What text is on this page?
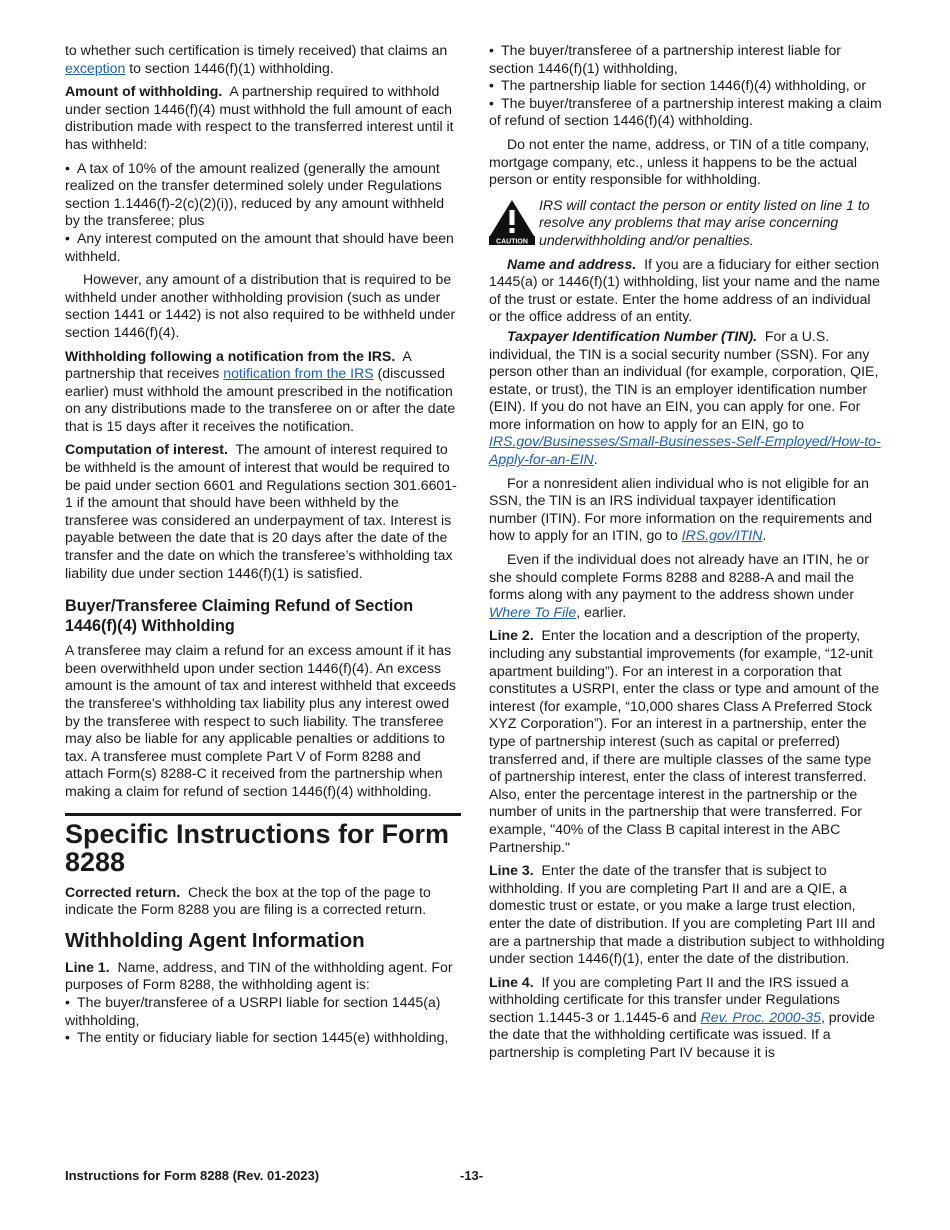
to whether such certification is timely received) that claims an exception to section 1446(f)(1) withholding.

Amount of withholding. A partnership required to withhold under section 1446(f)(4) must withhold the full amount of each distribution made with respect to the transferred interest until it has withheld:

• A tax of 10% of the amount realized (generally the amount realized on the transfer determined solely under Regulations section 1.1446(f)-2(c)(2)(i)), reduced by any amount withheld by the transferee; plus
• Any interest computed on the amount that should have been withheld.

However, any amount of a distribution that is required to be withheld under another withholding provision (such as under section 1441 or 1442) is not also required to be withheld under section 1446(f)(4).

Withholding following a notification from the IRS. A partnership that receives notification from the IRS (discussed earlier) must withhold the amount prescribed in the notification on any distributions made to the transferee on or after the date that is 15 days after it receives the notification.

Computation of interest. The amount of interest required to be withheld is the amount of interest that would be required to be paid under section 6601 and Regulations section 301.6601-1 if the amount that should have been withheld by the transferee was considered an underpayment of tax. Interest is payable between the date that is 20 days after the date of the transfer and the date on which the transferee’s withholding tax liability due under section 1446(f)(1) is satisfied.

Buyer/Transferee Claiming Refund of Section 1446(f)(4) Withholding

A transferee may claim a refund for an excess amount if it has been overwithheld upon under section 1446(f)(4). An excess amount is the amount of tax and interest withheld that exceeds the transferee's withholding tax liability plus any interest owed by the transferee with respect to such liability. The transferee may also be liable for any applicable penalties or additions to tax. A transferee must complete Part V of Form 8288 and attach Form(s) 8288-C it received from the partnership when making a claim for refund of section 1446(f)(4) withholding.

Specific Instructions for Form 8288

Corrected return. Check the box at the top of the page to indicate the Form 8288 you are filing is a corrected return.

Withholding Agent Information

Line 1. Name, address, and TIN of the withholding agent. For purposes of Form 8288, the withholding agent is:

• The buyer/transferee of a USRPI liable for section 1445(a) withholding,
• The entity or fiduciary liable for section 1445(e) withholding,
• The buyer/transferee of a partnership interest liable for section 1446(f)(1) withholding,
• The partnership liable for section 1446(f)(4) withholding, or
• The buyer/transferee of a partnership interest making a claim of refund of section 1446(f)(4) withholding.

Do not enter the name, address, or TIN of a title company, mortgage company, etc., unless it happens to be the actual person or entity responsible for withholding.

CAUTION
IRS will contact the person or entity listed on line 1 to resolve any problems that may arise concerning underwithholding and/or penalties.

Name and address. If you are a fiduciary for either section 1445(a) or 1446(f)(1) withholding, list your name and the name of the trust or estate. Enter the home address of an individual or the office address of an entity.

Taxpayer Identification Number (TIN). For a U.S. individual, the TIN is a social security number (SSN). For any person other than an individual (for example, corporation, QIE, estate, or trust), the TIN is an employer identification number (EIN). If you do not have an EIN, you can apply for one. For more information on how to apply for an EIN, go to IRS.gov/Businesses/Small-Businesses-Self-Employed/How-to-Apply-for-an-EIN.

For a nonresident alien individual who is not eligible for an SSN, the TIN is an IRS individual taxpayer identification number (ITIN). For more information on the requirements and how to apply for an ITIN, go to IRS.gov/ITIN.

Even if the individual does not already have an ITIN, he or she should complete Forms 8288 and 8288-A and mail the forms along with any payment to the address shown under Where To File, earlier.

Line 2. Enter the location and a description of the property, including any substantial improvements (for example, “12-unit apartment building”). For an interest in a corporation that constitutes a USRPI, enter the class or type and amount of the interest (for example, “10,000 shares Class A Preferred Stock XYZ Corporation”). For an interest in a partnership, enter the type of partnership interest (such as capital or preferred) transferred and, if there are multiple classes of the same type of partnership interest, enter the class of interest transferred. Also, enter the percentage interest in the partnership or the number of units in the partnership that were transferred. For example, "40% of the Class B capital interest in the ABC Partnership."

Line 3. Enter the date of the transfer that is subject to withholding. If you are completing Part II and are a QIE, a domestic trust or estate, or you make a large trust election, enter the date of distribution. If you are completing Part III and are a partnership that made a distribution subject to withholding under section 1446(f)(1), enter the date of the distribution.

Line 4. If you are completing Part II and the IRS issued a withholding certificate for this transfer under Regulations section 1.1445-3 or 1.1445-6 and Rev. Proc. 2000-35, provide the date that the withholding certificate was issued. If a partnership is completing Part IV because it is

Instructions for Form 8288 (Rev. 01-2023)	-13-
